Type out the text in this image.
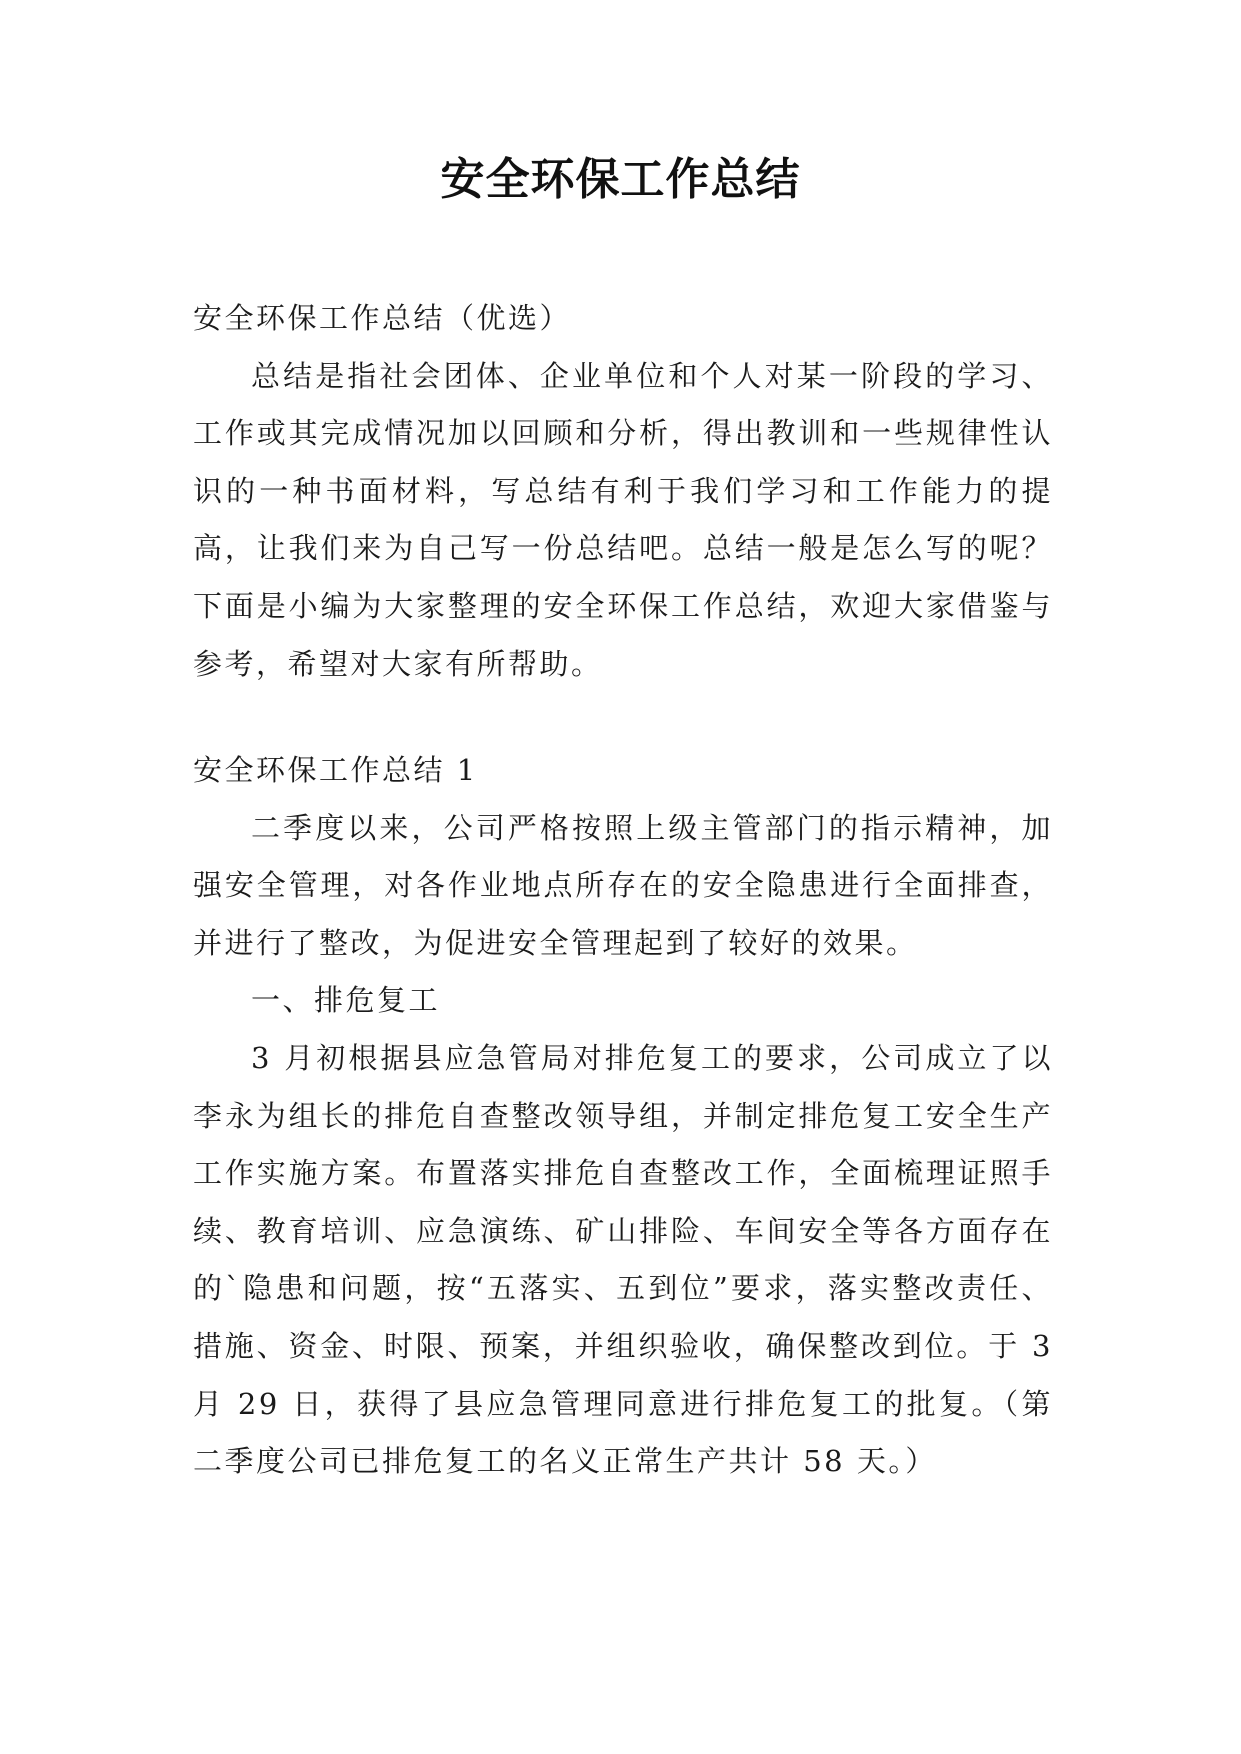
安全环保工作总结

安全环保工作总结（优选）

总结是指社会团体、企业单位和个人对某一阶段的学习、工作或其完成情况加以回顾和分析，得出教训和一些规律性认识的一种书面材料，写总结有利于我们学习和工作能力的提高，让我们来为自己写一份总结吧。总结一般是怎么写的呢？下面是小编为大家整理的安全环保工作总结，欢迎大家借鉴与参考，希望对大家有所帮助。

安全环保工作总结 1

二季度以来，公司严格按照上级主管部门的指示精神，加强安全管理，对各作业地点所存在的安全隐患进行全面排查，并进行了整改，为促进安全管理起到了较好的效果。

一、排危复工

3 月初根据县应急管局对排危复工的要求，公司成立了以李永为组长的排危自查整改领导组，并制定排危复工安全生产工作实施方案。布置落实排危自查整改工作，全面梳理证照手续、教育培训、应急演练、矿山排险、车间安全等各方面存在的`隐患和问题，按“五落实、五到位”要求，落实整改责任、措施、资金、时限、预案，并组织验收，确保整改到位。于 3 月 29 日，获得了县应急管理同意进行排危复工的批复。（第二季度公司已排危复工的名义正常生产共计 58 天。）
